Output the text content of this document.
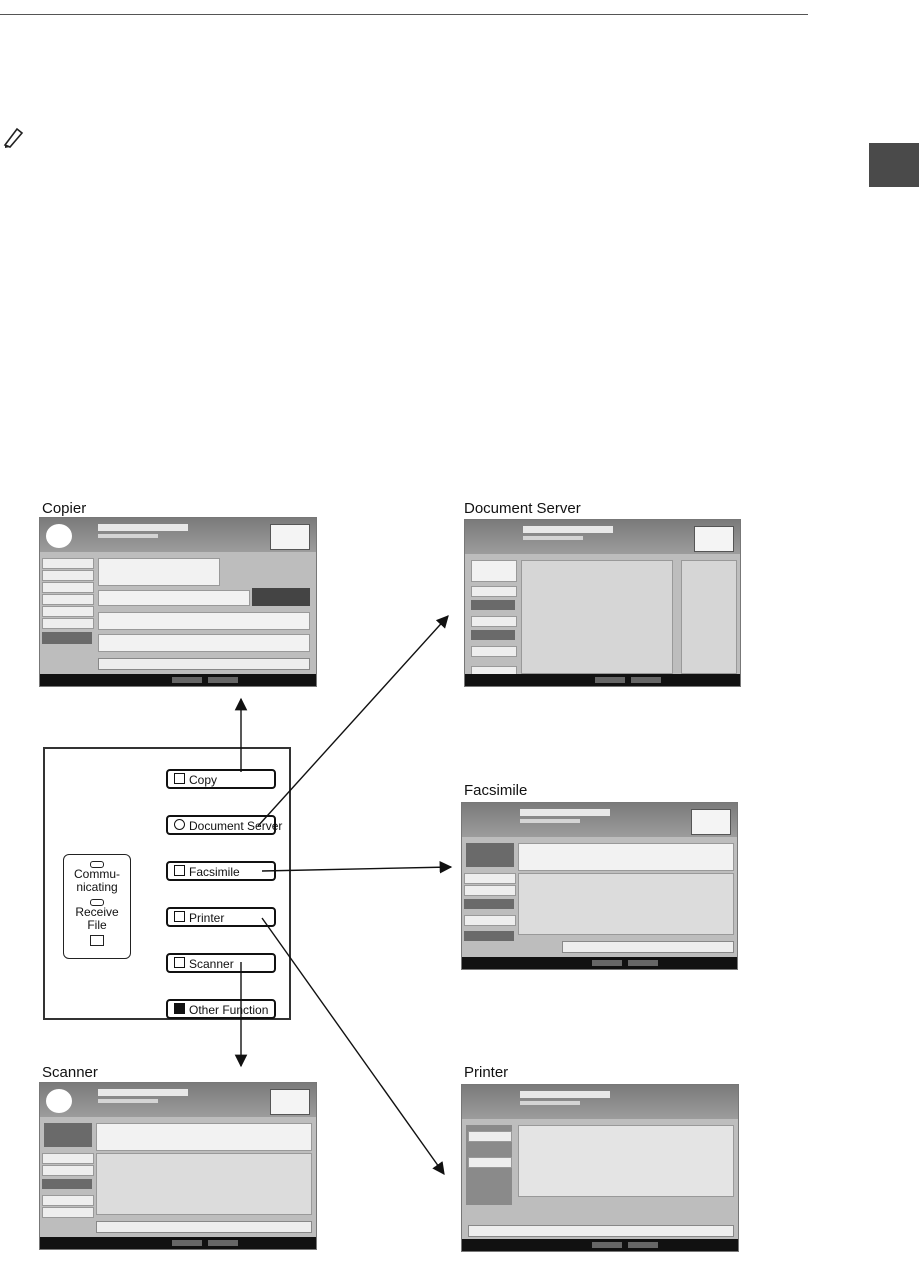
Copier	Document Server
Facsimile
Scanner	Printer
Commu-
nicating
Receive File
Copy
Document Server
Facsimile
Printer
Scanner
Other Function
